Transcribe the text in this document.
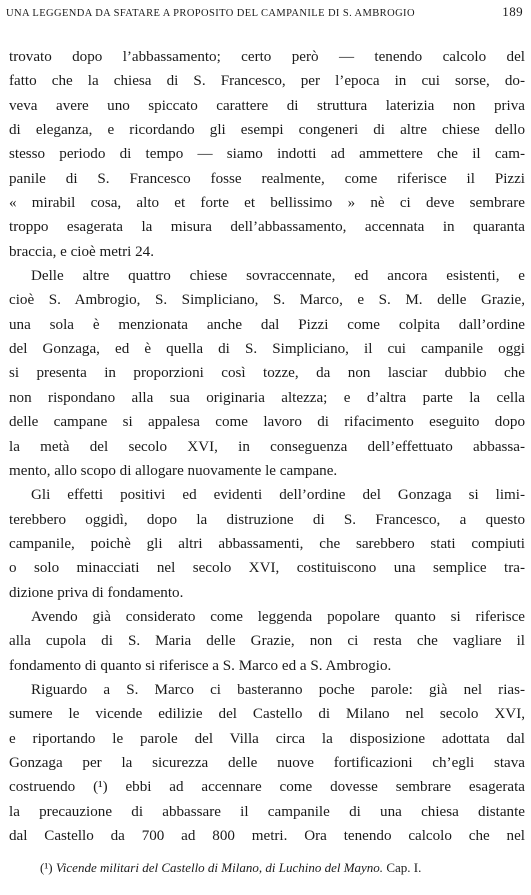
UNA LEGGENDA DA SFATARE A PROPOSITO DEL CAMPANILE DI S. AMBROGIO	189
trovato dopo l’abbassamento; certo però — tenendo calcolo del
fatto che la chiesa di S. Francesco, per l’epoca in cui sorse, do-
veva avere uno spiccato carattere di struttura laterizia non priva
di eleganza, e ricordando gli esempi congeneri di altre chiese dello
stesso periodo di tempo — siamo indotti ad ammettere che il cam-
panile di S. Francesco fosse realmente, come riferisce il Pizzi
« mirabil cosa, alto et forte et bellissimo » nè ci deve sembrare
troppo esagerata la misura dell’abbassamento, accennata in quaranta
braccia, e cioè metri 24.
Delle altre quattro chiese sovraccennate, ed ancora esistenti, e
cioè S. Ambrogio, S. Simpliciano, S. Marco, e S. M. delle Grazie,
una sola è menzionata anche dal Pizzi come colpita dall’ordine
del Gonzaga, ed è quella di S. Simpliciano, il cui campanile oggi
si presenta in proporzioni così tozze, da non lasciar dubbio che
non rispondano alla sua originaria altezza; e d’altra parte la cella
delle campane si appalesa come lavoro di rifacimento eseguito dopo
la metà del secolo XVI, in conseguenza dell’effettuato abbassa-
mento, allo scopo di allogare nuovamente le campane.
Gli effetti positivi ed evidenti dell’ordine del Gonzaga si limi-
terebbero oggidì, dopo la distruzione di S. Francesco, a questo
campanile, poichè gli altri abbassamenti, che sarebbero stati compiuti
o solo minacciati nel secolo XVI, costituiscono una semplice tra-
dizione priva di fondamento.
Avendo già considerato come leggenda popolare quanto si riferisce
alla cupola di S. Maria delle Grazie, non ci resta che vagliare il
fondamento di quanto si riferisce a S. Marco ed a S. Ambrogio.
Riguardo a S. Marco ci basteranno poche parole: già nel rias-
sumere le vicende edilizie del Castello di Milano nel secolo XVI,
e riportando le parole del Villa circa la disposizione adottata dal
Gonzaga per la sicurezza delle nuove fortificazioni ch’egli stava
costruendo (¹) ebbi ad accennare come dovesse sembrare esagerata
la precauzione di abbassare il campanile di una chiesa distante
dal Castello da 700 ad 800 metri. Ora tenendo calcolo che nel
(¹) Vicende militari del Castello di Milano, di Luchino del Mayno. Cap. I.
